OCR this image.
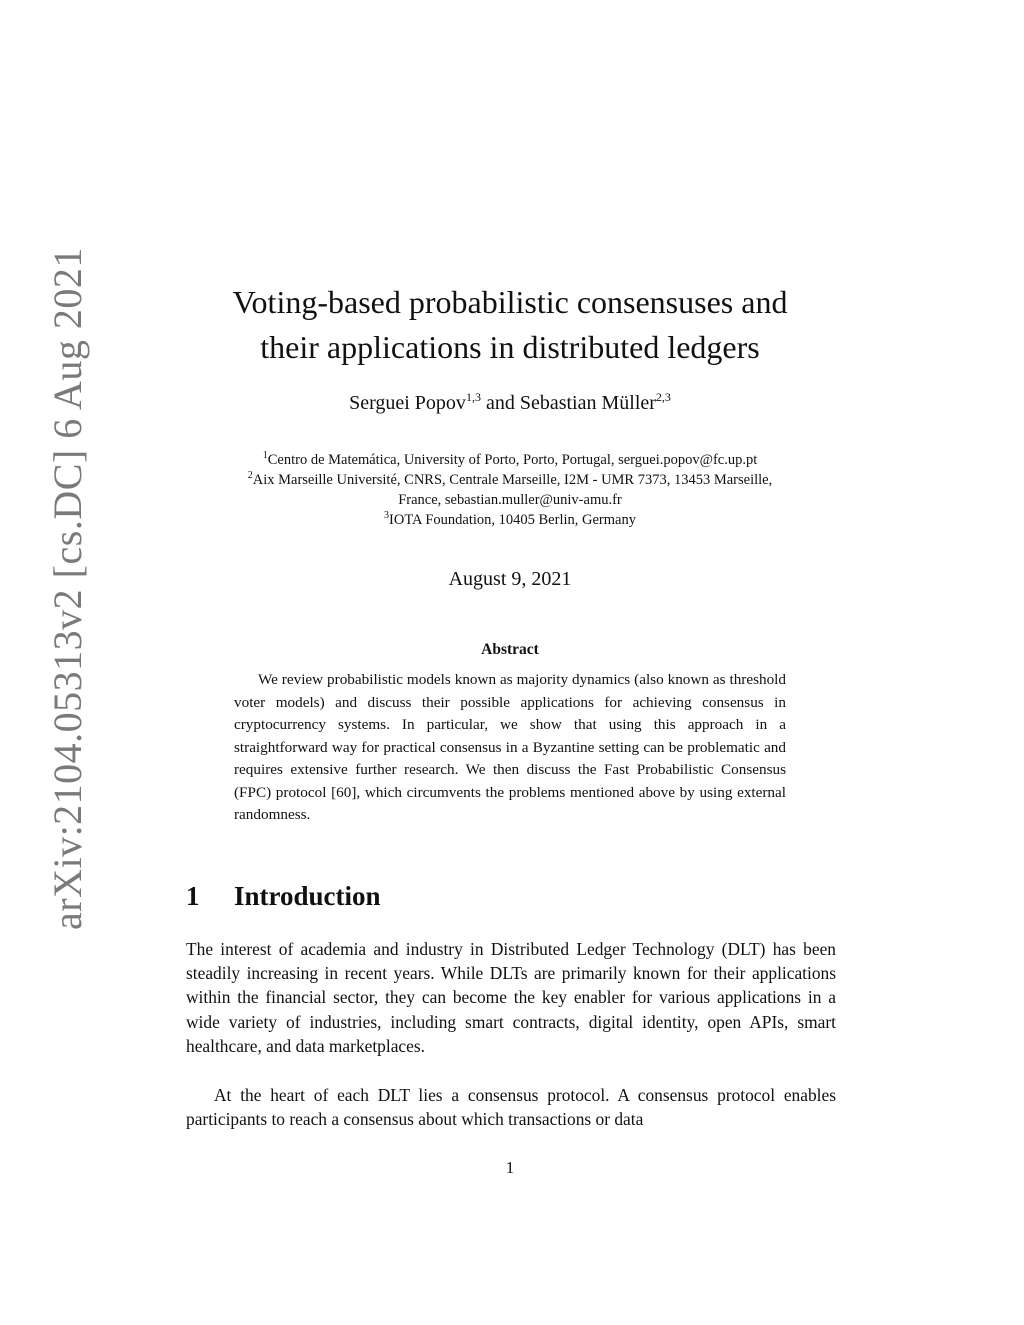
arXiv:2104.05313v2 [cs.DC] 6 Aug 2021	Voting-based probabilistic consensuses and
their applications in distributed ledgers
Serguei Popov$^{1,3}$ and Sebastian Müller$^{2,3}$
$^1$Centro de Matemática, University of Porto, Porto, Portugal, serguei.popov@fc.up.pt
$^2$Aix Marseille Université, CNRS, Centrale Marseille, I2M - UMR 7373, 13453 Marseille,
France, sebastian.muller@univ-amu.fr
$^3$IOTA Foundation, 10405 Berlin, Germany
August 9, 2021
Abstract

We review probabilistic models known as majority dynamics (also known as threshold voter models) and discuss their possible applications for achieving consensus in cryptocurrency systems. In particular, we show that using this approach in a straightforward way for practical consensus in a Byzantine setting can be problematic and requires extensive further research. We then discuss the Fast Probabilistic Consensus (FPC) protocol [60], which circumvents the problems mentioned above by using external randomness.

1 Introduction

The interest of academia and industry in Distributed Ledger Technology (DLT) has been steadily increasing in recent years. While DLTs are primarily known for their applications within the financial sector, they can become the key enabler for various applications in a wide variety of industries, including smart contracts, digital identity, open APIs, smart healthcare, and data marketplaces.

At the heart of each DLT lies a consensus protocol. A consensus protocol enables participants to reach a consensus about which transactions or data

1
